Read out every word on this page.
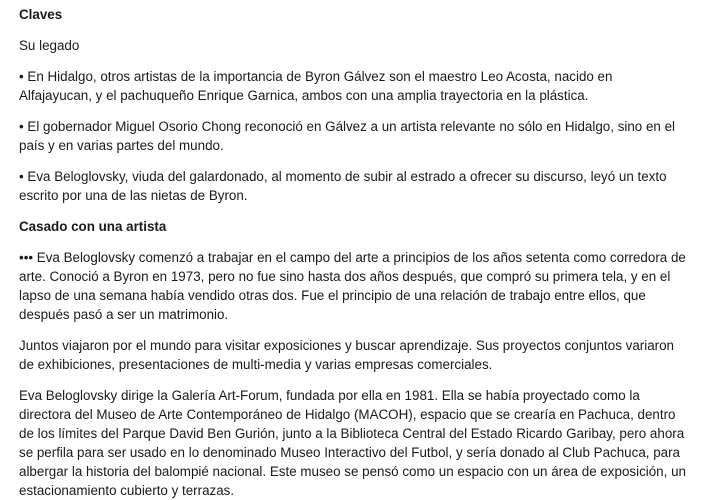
Claves
Su legado
• En Hidalgo, otros artistas de la importancia de Byron Gálvez son el maestro Leo Acosta, nacido en Alfajayucan, y el pachuqueño Enrique Garnica, ambos con una amplia trayectoria en la plástica.
• El gobernador Miguel Osorio Chong reconoció en Gálvez a un artista relevante no sólo en Hidalgo, sino en el país y en varias partes del mundo.
• Eva Beloglovsky, viuda del galardonado, al momento de subir al estrado a ofrecer su discurso, leyó un texto escrito por una de las nietas de Byron.
Casado con una artista
••• Eva Beloglovsky comenzó a trabajar en el campo del arte a principios de los años setenta como corredora de arte. Conoció a Byron en 1973, pero no fue sino hasta dos años después, que compró su primera tela, y en el lapso de una semana había vendido otras dos. Fue el principio de una relación de trabajo entre ellos, que después pasó a ser un matrimonio.
Juntos viajaron por el mundo para visitar exposiciones y buscar aprendizaje. Sus proyectos conjuntos variaron de exhibiciones, presentaciones de multi-media y varias empresas comerciales.
Eva Beloglovsky dirige la Galería Art-Forum, fundada por ella en 1981. Ella se había proyectado como la directora del Museo de Arte Contemporáneo de Hidalgo (MACOH), espacio que se crearía en Pachuca, dentro de los límites del Parque David Ben Gurión, junto a la Biblioteca Central del Estado Ricardo Garibay, pero ahora se perfila para ser usado en lo denominado Museo Interactivo del Futbol, y sería donado al Club Pachuca, para albergar la historia del balompié nacional. Este museo se pensó como un espacio con un área de exposición, un estacionamiento cubierto y terrazas.
